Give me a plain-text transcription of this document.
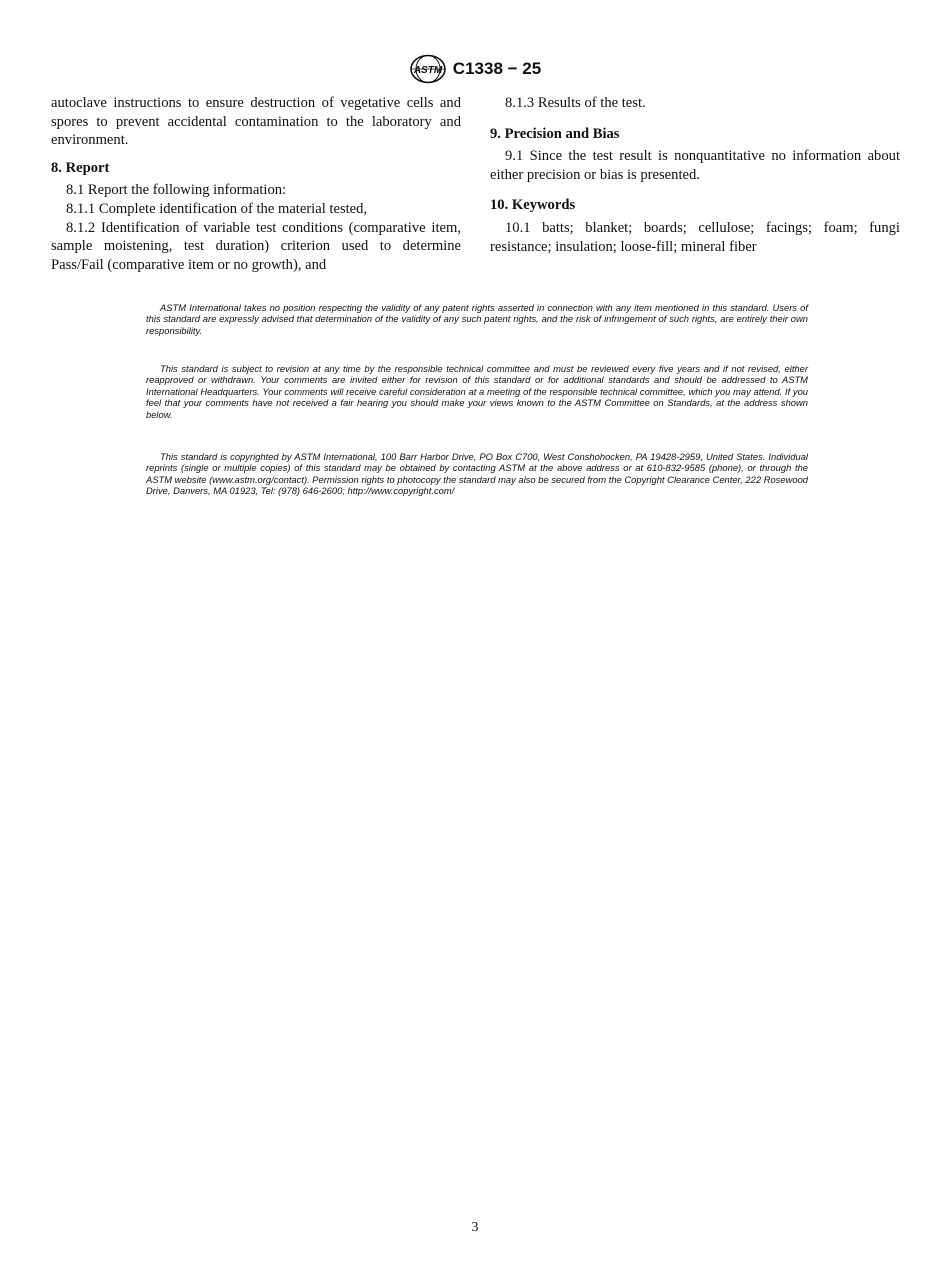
ASTM C1338 − 25

autoclave instructions to ensure destruction of vegetative cells and spores to prevent accidental contamination to the laboratory and environment.

8. Report

8.1 Report the following information:

8.1.1 Complete identification of the material tested,

8.1.2 Identification of variable test conditions (comparative item, sample moistening, test duration) criterion used to determine Pass/Fail (comparative item or no growth), and

8.1.3 Results of the test.

9. Precision and Bias

9.1 Since the test result is nonquantitative no information about either precision or bias is presented.

10. Keywords

10.1 batts; blanket; boards; cellulose; facings; foam; fungi resistance; insulation; loose-fill; mineral fiber

ASTM International takes no position respecting the validity of any patent rights asserted in connection with any item mentioned in this standard. Users of this standard are expressly advised that determination of the validity of any such patent rights, and the risk of infringement of such rights, are entirely their own responsibility.

This standard is subject to revision at any time by the responsible technical committee and must be reviewed every five years and if not revised, either reapproved or withdrawn. Your comments are invited either for revision of this standard or for additional standards and should be addressed to ASTM International Headquarters. Your comments will receive careful consideration at a meeting of the responsible technical committee, which you may attend. If you feel that your comments have not received a fair hearing you should make your views known to the ASTM Committee on Standards, at the address shown below.

This standard is copyrighted by ASTM International, 100 Barr Harbor Drive, PO Box C700, West Conshohocken, PA 19428-2959, United States. Individual reprints (single or multiple copies) of this standard may be obtained by contacting ASTM at the above address or at 610-832-9585 (phone), or through the ASTM website (www.astm.org/contact). Permission rights to photocopy the standard may also be secured from the Copyright Clearance Center, 222 Rosewood Drive, Danvers, MA 01923, Tel: (978) 646-2600; http://www.copyright.com/

3
